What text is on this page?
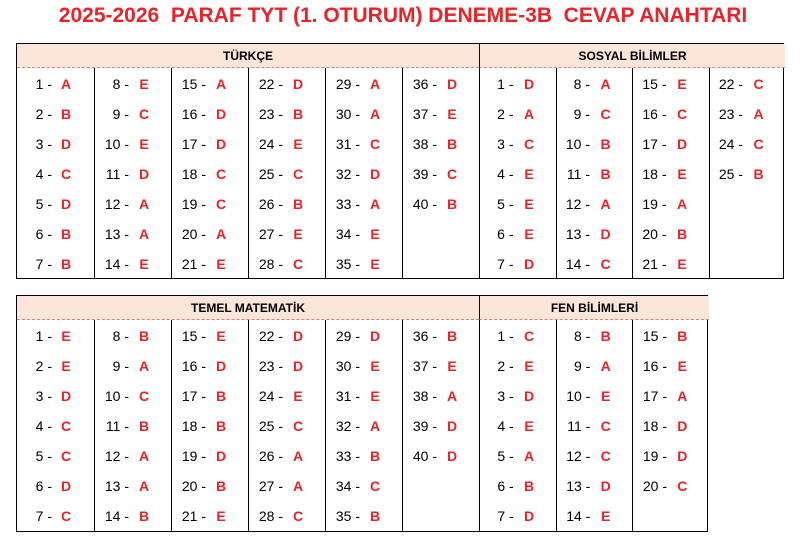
2025-2026  PARAF TYT (1. OTURUM) DENEME-3B  CEVAP ANAHTARI
TÜRKÇE
1 - A
2 - B
3 - D
4 - C
5 - D
6 - B
7 - B
8 - E
9 - C
10 - E
11 - D
12 - A
13 - A
14 - E
15 - A
16 - D
17 - D
18 - C
19 - C
20 - A
21 - E
22 - D
23 - B
24 - E
25 - C
26 - B
27 - E
28 - C
29 - A
30 - A
31 - C
32 - D
33 - A
34 - E
35 - E
36 - D
37 - E
38 - B
39 - C
40 - B
SOSYAL BİLİMLER
1 - D
2 - A
3 - C
4 - E
5 - E
6 - E
7 - D
8 - A
9 - C
10 - B
11 - B
12 - A
13 - D
14 - C
15 - E
16 - C
17 - D
18 - E
19 - A
20 - B
21 - E
22 - C
23 - A
24 - C
25 - B
TEMEL MATEMATİK
1 - E
2 - E
3 - D
4 - C
5 - C
6 - D
7 - C
8 - B
9 - A
10 - C
11 - B
12 - A
13 - A
14 - B
15 - E
16 - D
17 - B
18 - B
19 - D
20 - B
21 - E
22 - D
23 - D
24 - E
25 - C
26 - A
27 - A
28 - C
29 - D
30 - E
31 - E
32 - A
33 - B
34 - C
35 - B
36 - B
37 - E
38 - A
39 - D
40 - D
FEN BİLİMLERİ
1 - C
2 - E
3 - D
4 - E
5 - A
6 - B
7 - D
8 - B
9 - A
10 - E
11 - C
12 - C
13 - D
14 - E
15 - B
16 - E
17 - A
18 - D
19 - D
20 - C
